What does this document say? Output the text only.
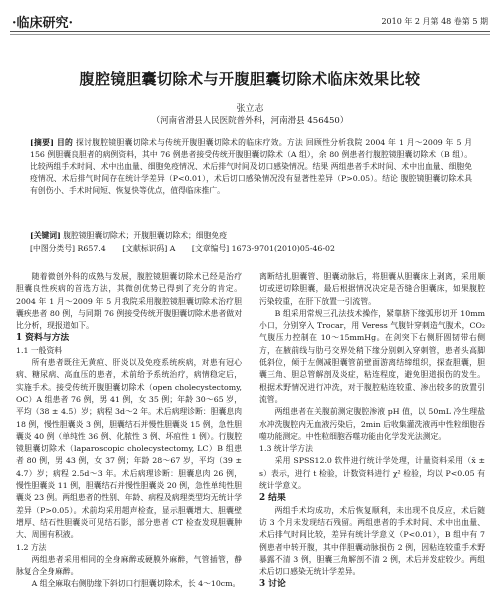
·临床研究·	2010 年 2 月第 48 卷第 5 期
腹腔镜胆囊切除术与开腹胆囊切除术临床效果比较
张立志
（河南省滑县人民医院普外科，河南滑县 456450）
[摘要] 目的 探讨腹腔镜胆囊切除术与传统开腹胆囊切除术的临床疗效。方法 回顾性分析我院 2004 年 1 月～2009 年 5 月 156 例胆囊良胆者的病例资料，其中 76 例患者接受传统开腹胆囊切除术（A 组），余 80 例患者行腹腔镜胆囊切除术（B 组）。比较两组手术时间、术中出血量、细胞免疫情况、术后排气时间及切口感染情况。结果 两组患者手术时间、术中出血量、细胞免疫情况、术后排气时间存在统计学差异（P<0.01），术后切口感染情况没有显著性差异（P>0.05）。结论 腹腔镜胆囊切除术具有创伤小、手术时间短、恢复快等优点，值得临床推广。
[关键词] 腹腔镜胆囊切除术；开腹胆囊切除术；细胞免疫
[中图分类号] R657.4 [文献标识码] A [文章编号] 1673-9701(2010)05-46-02

随着微创外科的成熟与发展，腹腔镜胆囊切除术已经是治疗胆囊良性疾病的首选方法，其微创优势已得到了充分的肯定。2004 年 1 月～2009 年 5 月我院采用腹腔镜胆囊切除术治疗胆囊疾患者 80 例，与同期 76 例接受传统开腹胆囊切除术患者做对比分析，现报道如下。

1 资料与方法

1.1 一般资料

所有患者既往无黄疸、肝炎以及免疫系统疾病，对患有冠心病、糖尿病、高血压的患者，术前给予系统治疗，病情稳定后，实施手术。接受传统开腹胆囊切除术（open cholecystectomy, OC）A 组患者 76 例，男 41 例，女 35 例；年龄 30～65 岁，平均（38 ± 4.5）岁；病程 3d～2 年。术后病理诊断：胆囊息肉 18 例，慢性胆囊炎 3 例，胆囊结石并慢性胆囊炎 15 例，急性胆囊炎 40 例（单纯性 36 例、化脓性 3 例、坏疽性 1 例）。行腹腔镜胆囊切除术（laparoscopic cholecystectomy, LC）B 组患者 80 例，男 43 例，女 37 例；年龄 28～67 岁，平均（39 ± 4.7）岁；病程 2.5d～3 年。术后病理诊断：胆囊息肉 26 例，慢性胆囊炎 11 例，胆囊结石并慢性胆囊炎 20 例，急性单纯性胆囊炎 23 例。两组患者的性别、年龄、病程及病理类型均无统计学差异（P>0.05）。术前均采用超声检查，显示胆囊增大、胆囊壁增厚、结石性胆囊炎可见结石影，部分患者 CT 检查发现胆囊肿大、周围有积液。

1.2 方法

两组患者采用相同的全身麻醉或硬膜外麻醉，气管插管，静脉复合全身麻醉。

A 组全麻取右侧肋缘下斜切口行胆囊切除术，长 4～10cm。

离断结扎胆囊管、胆囊动脉后，将胆囊从胆囊床上剥离，采用顺切或逆切除胆囊，最后根据情况决定是否缝合胆囊床，如果腹腔污染较重，在肝下放置一引流管。

B 组采用常规三孔法技术操作，紧靠脐下缘弧形切开 10mm 小口，分别穿入 Trocar，用 Veress 气腹针穿刺造气腹术，CO₂ 气腹压力控制在 10～15mmHg。在剑突下右侧肝圆韧带右侧方，在腋前线与肋弓交界处稍下缘分别刺入穿刺管，患者头高脚低斜位，倾于左侧减胆囊管前壁面游离结缔组织，探查胆囊，胆囊三角、胆总管解剖及炎症，粘连程度，避免胆道损伤的发生。根据术野情况进行冲洗，对于腹腔粘连较重、渗出较多的放置引流管。

两组患者在关腹前测定腹腔渗液 pH 值，以 50mL 冷生理盐水冲洗腹腔内无血液污染后，2min 后收集灌洗液再中性粒细胞吞噬功能测定。中性粒细胞吞噬功能由化学发光法测定。

1.3 统计学方法

采用 SPSS12.0 软件进行统计学处理，计量资料采用（x̄ ± s）表示，进行 t 检验，计数资料进行 χ² 检验，均以 P<0.05 有统计学意义。

2 结果

两组手术均成功，术后恢复顺利，未出现不良反应，术后随访 3 个月未发现结石残留。两组患者的手术时间、术中出血量、术后排气时间比较，差异有统计学意义（P<0.01），B 组中有 7 例患者中转开腹，其中伴胆囊动脉损伤 2 例，因粘连较重手术野暴露不清 3 例，胆囊三角解剖不清 2 例，术后并发症较少。两组术后切口感染无统计学差异。

3 讨论
